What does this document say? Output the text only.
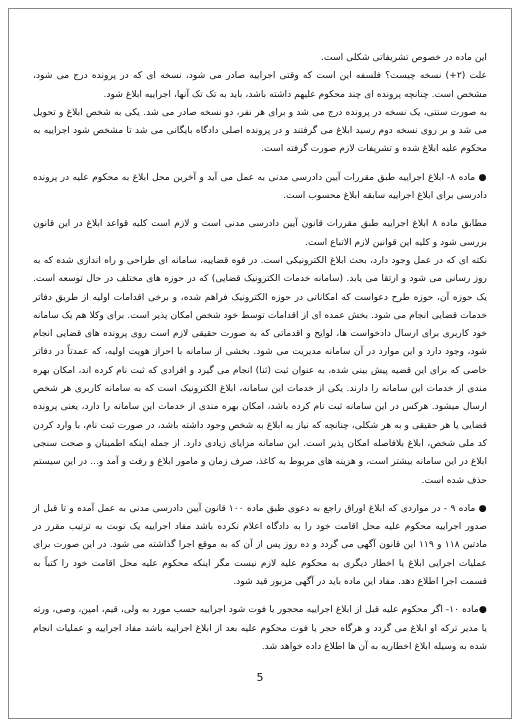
این ماده در خصوص تشریفاتی شکلی است.

علت (۲+) نسخه چیست؟ فلسفه این است که وقتی اجراییه صادر می شود، نسخه ای که در پرونده درج می شود، مشخص است. چنانچه پرونده ای چند محکوم علیهم داشته باشد، باید به تک تک آنها، اجراییه ابلاغ شود.

به صورت سنتی، یک نسخه در پرونده درج می شد و برای هر نفر، دو نسخه صادر می شد. یکی به شخص ابلاغ و تحویل می شد و بر روی نسخه دوم رسید ابلاغ می گرفتند و در پرونده اصلی دادگاه بایگانی می شد تا مشخص شود اجراییه به محکوم علیه ابلاغ شده و تشریفات لازم صورت گرفته است.

● ماده ۸- ابلاغ اجراییه طبق مقررات آیین دادرسی مدنی به عمل می آید و آخرین محل ابلاغ به محکوم علیه در پرونده دادرسی برای ابلاغ اجراییه سابقه ابلاغ محسوب است.

مطابق ماده ۸ ابلاغ اجراییه طبق مقررات قانون آیین دادرسی مدنی است و لازم است کلیه قواعد ابلاغ در این قانون بررسی شود و کلیه این قوانین لازم الاتباع است.

نکته ای که در عمل وجود دارد، بحث ابلاغ الکترونیکی است. در قوه قضاییه، سامانه ای طراحی و راه اندازی شده که به روز رسانی می شود و ارتقا می یابد. (سامانه خدمات الکترونیک قضایی) که در حوزه های مختلف در حال توسعه است. یک حوزه آن، حوزه طرح دعواست که امکاناتی در حوزه الکترونیک فراهم شده، و برخی اقدامات اولیه از طریق دفاتر خدمات قضایی انجام می شود. بخش عمده ای از اقدامات توسط خود شخص امکان پذیر است. برای وکلا هم یک سامانه خود کاربری برای ارسال دادخواست ها، لوایح و اقدماتی که به صورت حقیقی لازم است روی پرونده های قضایی انجام شود، وجود دارد و این موارد در آن سامانه مدیریت می شود. بخشی از سامانه با احراز هویت اولیه، که عمدتاً در دفاتر خاصی که برای این قضیه پیش بینی شده، به عنوان ثبت (ثنا) انجام می گیرد و افرادی که ثبت نام کرده اند، امکان بهره مندی از خدمات این سامانه را دارند. یکی از خدمات این سامانه، ابلاغ الکترونیک است که به سامانه کاربری هر شخص ارسال میشود. هرکس در این سامانه ثبت نام کرده باشد، امکان بهره مندی از خدمات این سامانه را دارد، یعنی پرونده قضایی یا هر حقیقی و به هر شکلی، چنانچه که نیاز به ابلاغ به شخص وجود داشته باشد، در صورت ثبت نام، با وارد کردن کد ملی شخص، ابلاغ بلافاصله امکان پذیر است. این سامانه مزایای زیادی دارد. از جمله اینکه اطمینان و صحت سنجی ابلاغ در این سامانه بیشتر است، و هزینه های مربوط به کاغذ، صرف زمان و مامور ابلاغ و رفت و آمد و... در این سیستم حذف شده است.

● ماده ۹ - در مواردی که ابلاغ اوراق راجع به دعوی طبق ماده ۱۰۰ قانون آیین دادرسی مدنی به عمل آمده و تا قبل از صدور اجراییه محکوم علیه محل اقامت خود را به دادگاه اعلام نکرده باشد مفاد اجراییه یک نوبت به ترتیب مقرر در مادتین ۱۱۸ و ۱۱۹ این قانون آگهی می گردد و ده روز پس از آن که به موقع اجرا گذاشته می شود. در این صورت برای عملیات اجرایی ابلاغ یا اخطار دیگری به محکوم علیه لازم نیست مگر اینکه محکوم علیه محل اقامت خود را کتباً به قسمت اجرا اطلاع دهد. مفاد این ماده باید در آگهی مزبور قید شود.

●ماده ۱۰- اگر محکوم علیه قبل از ابلاغ اجراییه محجور یا فوت شود اجراییه حسب مورد به ولی، قیم، امین، وصی، ورثه یا مدیر ترکه او ابلاغ می گردد و هرگاه حجر یا فوت محکوم علیه بعد از ابلاغ اجراییه باشد مفاد اجراییه و عملیات انجام شده به وسیله ابلاغ اخطاریه به آن ها اطلاع داده خواهد شد.

5
